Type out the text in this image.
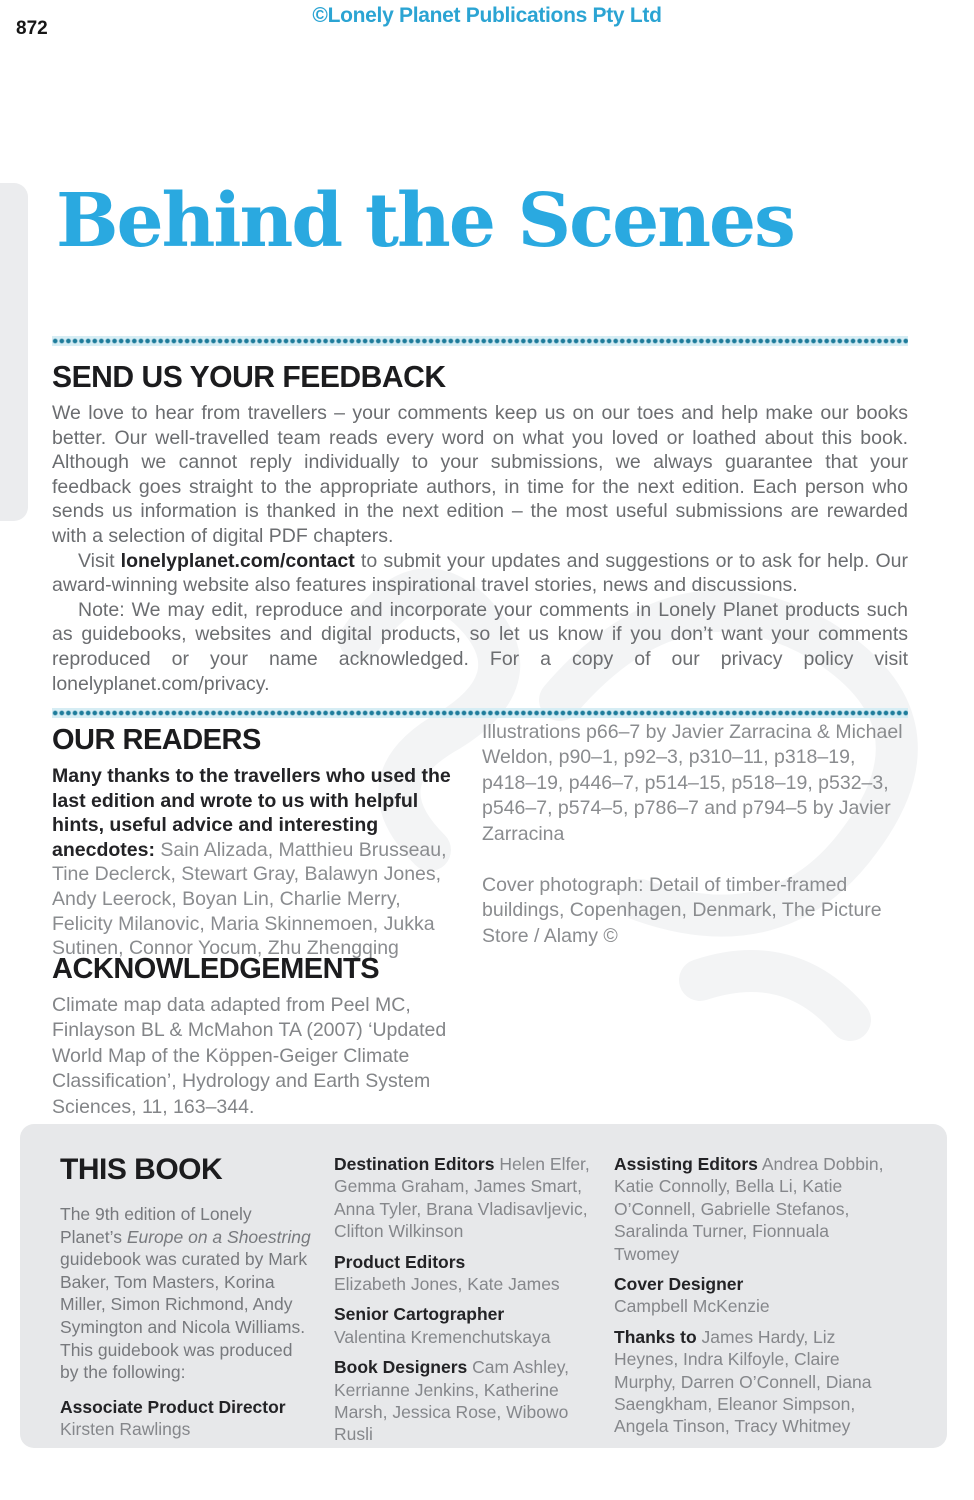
872
©Lonely Planet Publications Pty Ltd
Behind the Scenes
SEND US YOUR FEEDBACK

We love to hear from travellers – your comments keep us on our toes and help make our books better. Our well-travelled team reads every word on what you loved or loathed about this book. Although we cannot reply individually to your submissions, we always guarantee that your feedback goes straight to the appropriate authors, in time for the next edition. Each person who sends us information is thanked in the next edition – the most useful submissions are rewarded with a selection of digital PDF chapters.

Visit lonelyplanet.com/contact to submit your updates and suggestions or to ask for help. Our award-winning website also features inspirational travel stories, news and discussions.

Note: We may edit, reproduce and incorporate your comments in Lonely Planet products such as guidebooks, websites and digital products, so let us know if you don’t want your comments reproduced or your name acknowledged. For a copy of our privacy policy visit lonelyplanet.com/privacy.

OUR READERS

Many thanks to the travellers who used the last edition and wrote to us with helpful hints, useful advice and interesting anecdotes: Sain Alizada, Matthieu Brusseau, Tine Declerck, Stewart Gray, Balawyn Jones, Andy Leerock, Boyan Lin, Charlie Merry, Felicity Milanovic, Maria Skinnemoen, Jukka Sutinen, Connor Yocum, Zhu Zhengqing

Illustrations p66–7 by Javier Zarracina & Michael Weldon, p90–1, p92–3, p310–11, p318–19, p418–19, p446–7, p514–15, p518–19, p532–3, p546–7, p574–5, p786–7 and p794–5 by Javier Zarracina

Cover photograph: Detail of timber-framed buildings, Copenhagen, Denmark, The Picture Store / Alamy ©

ACKNOWLEDGEMENTS

Climate map data adapted from Peel MC, Finlayson BL & McMahon TA (2007) ‘Updated World Map of the Köppen-Geiger Climate Classification’, Hydrology and Earth System Sciences, 11, 163–344.

THIS BOOK

The 9th edition of Lonely Planet’s Europe on a Shoestring guidebook was curated by Mark Baker, Tom Masters, Korina Miller, Simon Richmond, Andy Symington and Nicola Williams. This guidebook was produced by the following:

Associate Product Director
Kirsten Rawlings

Destination Editors Helen Elfer, Gemma Graham, James Smart, Anna Tyler, Brana Vladisavljevic, Clifton Wilkinson

Product Editors
Elizabeth Jones, Kate James

Senior Cartographer
Valentina Kremenchutskaya

Book Designers Cam Ashley, Kerrianne Jenkins, Katherine Marsh, Jessica Rose, Wibowo Rusli

Assisting Editors Andrea Dobbin, Katie Connolly, Bella Li, Katie O’Connell, Gabrielle Stefanos, Saralinda Turner, Fionnuala Twomey

Cover Designer
Campbell McKenzie

Thanks to James Hardy, Liz Heynes, Indra Kilfoyle, Claire Murphy, Darren O’Connell, Diana Saengkham, Eleanor Simpson, Angela Tinson, Tracy Whitmey
